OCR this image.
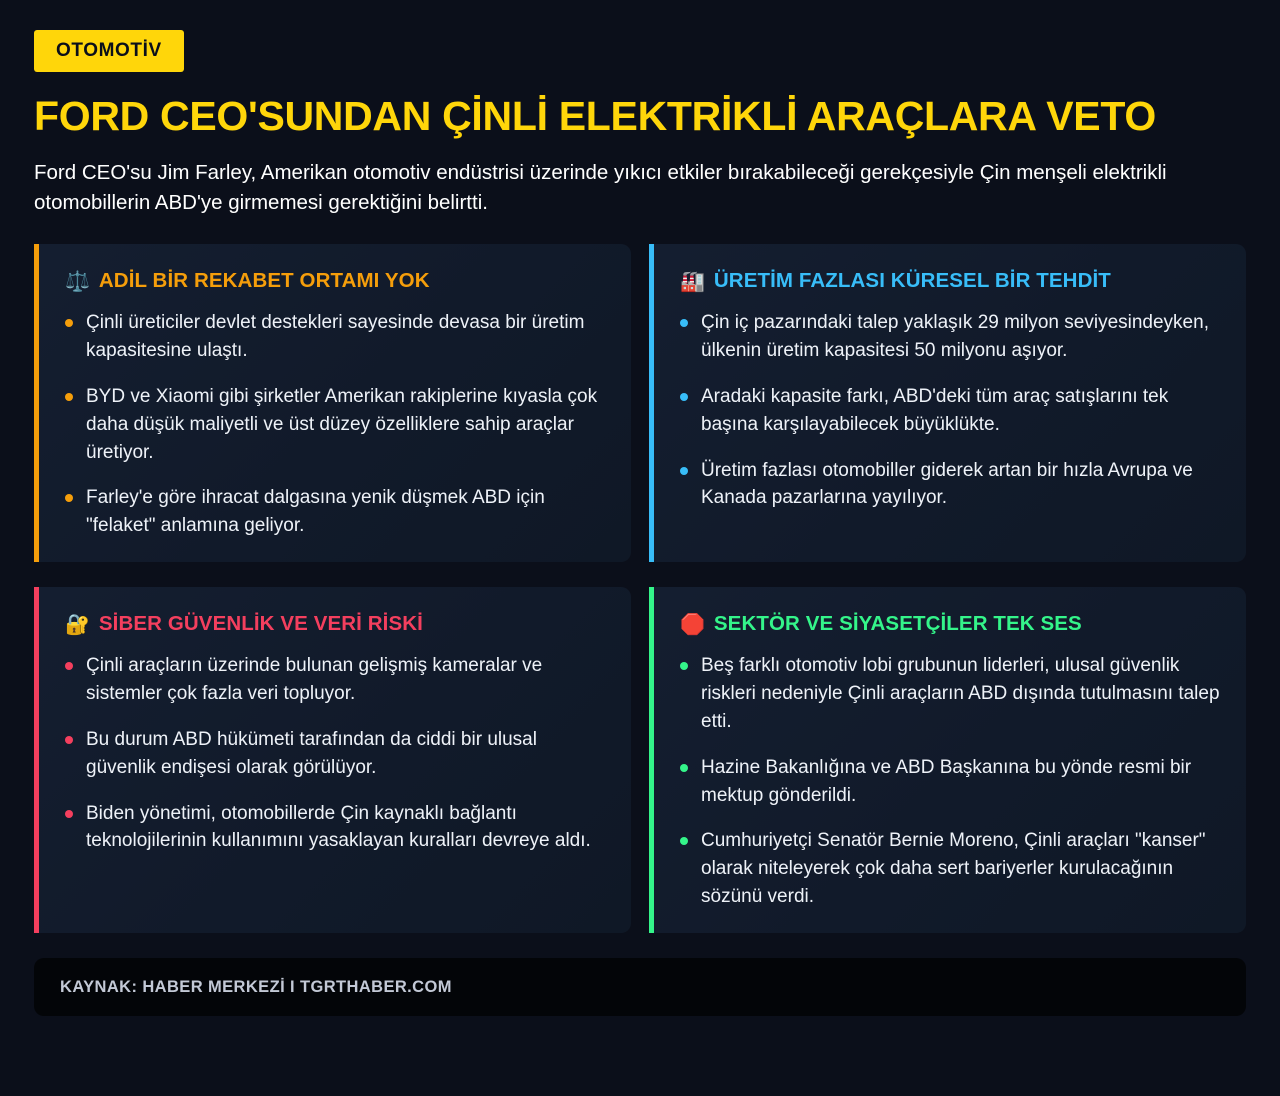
OTOMOTİV
FORD CEO'SUNDAN ÇİNLİ ELEKTRİKLİ ARAÇLARA VETO

Ford CEO'su Jim Farley, Amerikan otomotiv endüstrisi üzerinde yıkıcı etkiler bırakabileceği gerekçesiyle Çin menşeli elektrikli otomobillerin ABD'ye girmemesi gerektiğini belirtti.

⚖️ ADİL BİR REKABET ORTAMI YOK
Çinli üreticiler devlet destekleri sayesinde devasa bir üretim kapasitesine ulaştı.
BYD ve Xiaomi gibi şirketler Amerikan rakiplerine kıyasla çok daha düşük maliyetli ve üst düzey özelliklere sahip araçlar üretiyor.
Farley'e göre ihracat dalgasına yenik düşmek ABD için "felaket" anlamına geliyor.
🏭 ÜRETİM FAZLASI KÜRESEL BİR TEHDİT
Çin iç pazarındaki talep yaklaşık 29 milyon seviyesindeyken, ülkenin üretim kapasitesi 50 milyonu aşıyor.
Aradaki kapasite farkı, ABD'deki tüm araç satışlarını tek başına karşılayabilecek büyüklükte.
Üretim fazlası otomobiller giderek artan bir hızla Avrupa ve Kanada pazarlarına yayılıyor.
🔐 SİBER GÜVENLİK VE VERİ RİSKİ
Çinli araçların üzerinde bulunan gelişmiş kameralar ve sistemler çok fazla veri topluyor.
Bu durum ABD hükümeti tarafından da ciddi bir ulusal güvenlik endişesi olarak görülüyor.
Biden yönetimi, otomobillerde Çin kaynaklı bağlantı teknolojilerinin kullanımını yasaklayan kuralları devreye aldı.
🛑 SEKTÖR VE SİYASETÇİLER TEK SES
Beş farklı otomotiv lobi grubunun liderleri, ulusal güvenlik riskleri nedeniyle Çinli araçların ABD dışında tutulmasını talep etti.
Hazine Bakanlığına ve ABD Başkanına bu yönde resmi bir mektup gönderildi.
Cumhuriyetçi Senatör Bernie Moreno, Çinli araçları "kanser" olarak niteleyerek çok daha sert bariyerler kurulacağının sözünü verdi.
KAYNAK: HABER MERKEZİ I TGRTHABER.COM
